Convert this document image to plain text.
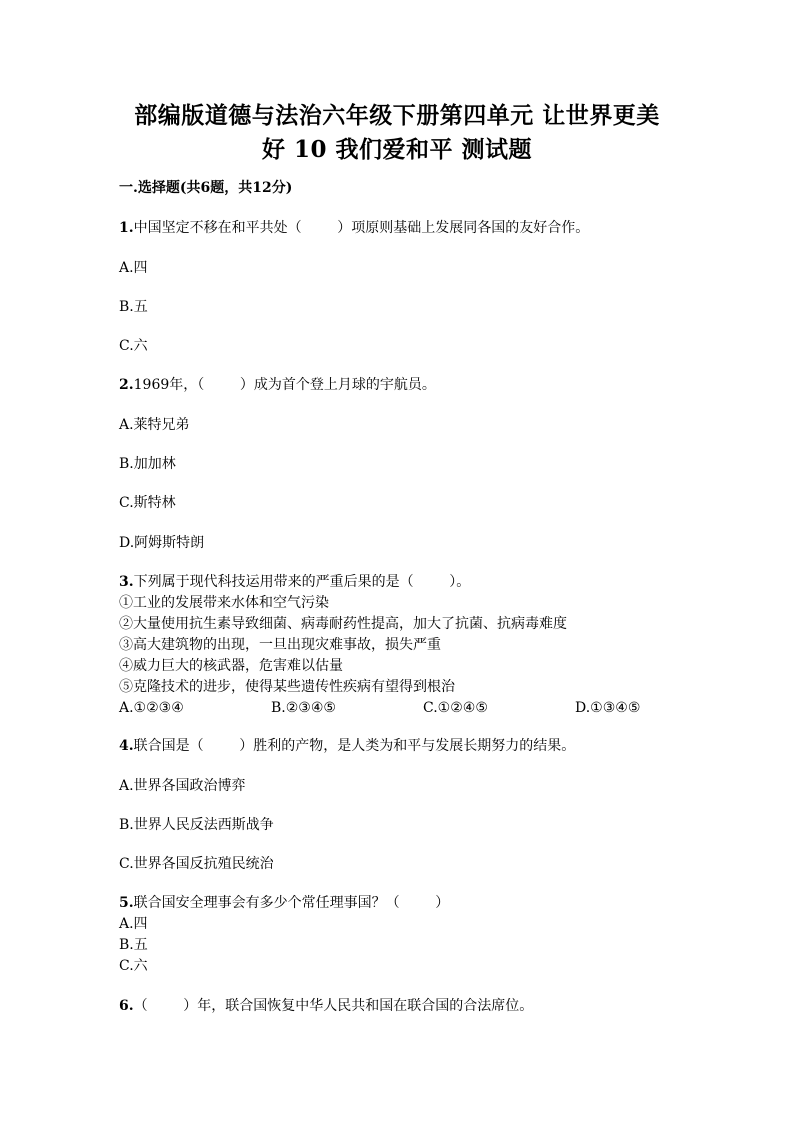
部编版道德与法治六年级下册第四单元 让世界更美
好 10 我们爱和平 测试题
一.选择题(共6题，共12分)
1.中国坚定不移在和平共处（        ）项原则基础上发展同各国的友好合作。
A.四
B.五
C.六
2.1969年，（        ）成为首个登上月球的宇航员。
A.莱特兄弟
B.加加林
C.斯特林
D.阿姆斯特朗
3.下列属于现代科技运用带来的严重后果的是（        ）。
①工业的发展带来水体和空气污染
②大量使用抗生素导致细菌、病毒耐药性提高，加大了抗菌、抗病毒难度
③高大建筑物的出现，一旦出现灾难事故，损失严重
④威力巨大的核武器，危害难以估量
⑤克隆技术的进步，使得某些遗传性疾病有望得到根治
A.①②③④	B.②③④⑤	C.①②④⑤	D.①③④⑤
4.联合国是（        ）胜利的产物，是人类为和平与发展长期努力的结果。
A.世界各国政治博弈
B.世界人民反法西斯战争
C.世界各国反抗殖民统治
5.联合国安全理事会有多少个常任理事国？（        ）
A.四
B.五
C.六
6.（        ）年，联合国恢复中华人民共和国在联合国的合法席位。
